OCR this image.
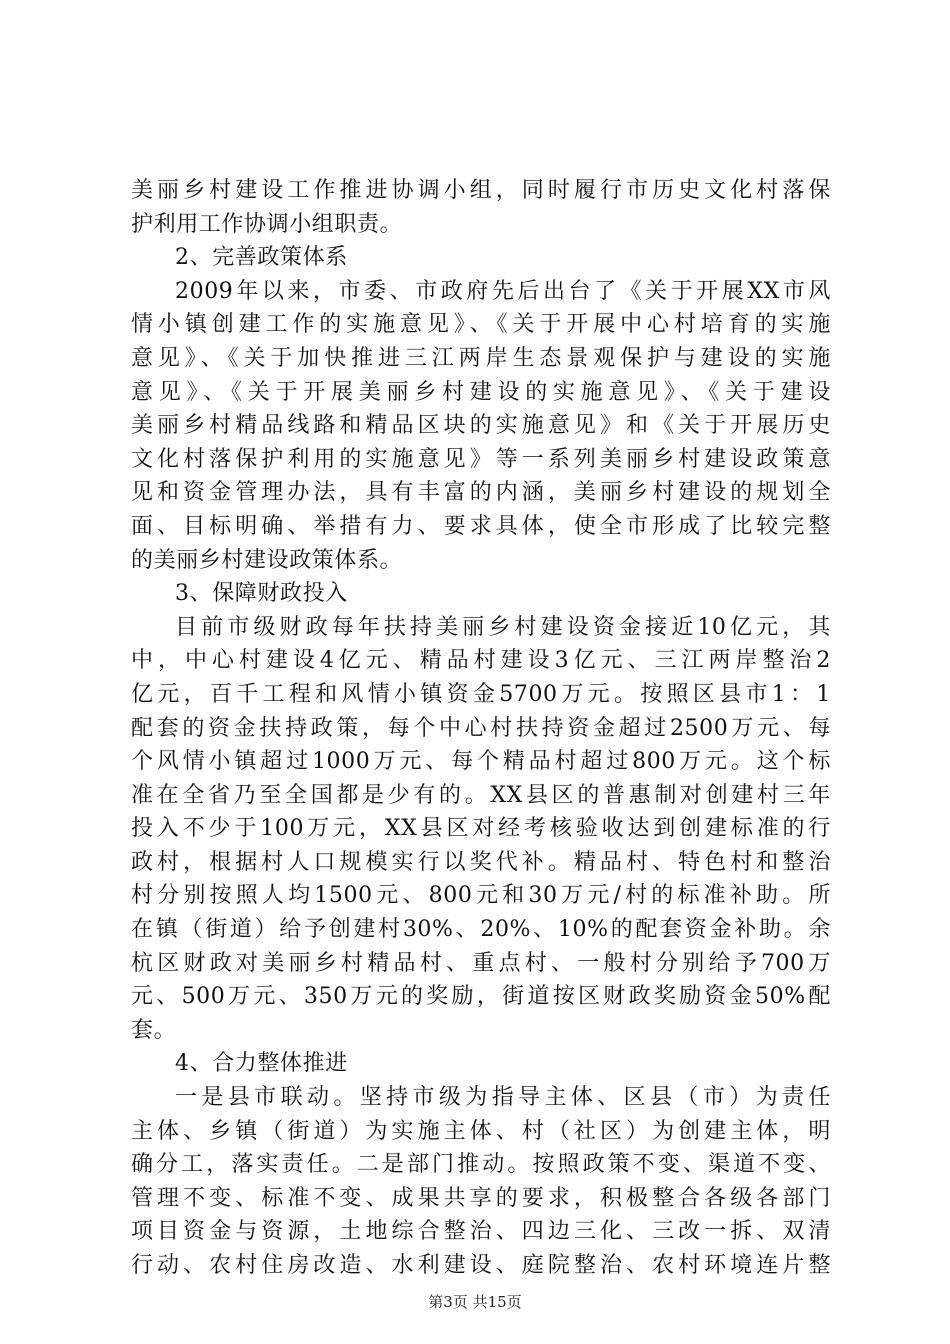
美丽乡村建设工作推进协调小组，同时履行市历史文化村落保
护利用工作协调小组职责。
2、完善政策体系
2009年以来，市委、市政府先后出台了《关于开展XX市风
情小镇创建工作的实施意见》、《关于开展中心村培育的实施
意见》、《关于加快推进三江两岸生态景观保护与建设的实施
意见》、《关于开展美丽乡村建设的实施意见》、《关于建设
美丽乡村精品线路和精品区块的实施意见》和《关于开展历史
文化村落保护利用的实施意见》等一系列美丽乡村建设政策意
见和资金管理办法，具有丰富的内涵，美丽乡村建设的规划全
面、目标明确、举措有力、要求具体，使全市形成了比较完整
的美丽乡村建设政策体系。
3、保障财政投入
目前市级财政每年扶持美丽乡村建设资金接近10亿元，其
中，中心村建设4亿元、精品村建设3亿元、三江两岸整治2
亿元，百千工程和风情小镇资金5700万元。按照区县市1：1
配套的资金扶持政策，每个中心村扶持资金超过2500万元、每
个风情小镇超过1000万元、每个精品村超过800万元。这个标
准在全省乃至全国都是少有的。XX县区的普惠制对创建村三年
投入不少于100万元，XX县区对经考核验收达到创建标准的行
政村，根据村人口规模实行以奖代补。精品村、特色村和整治
村分别按照人均1500元、800元和30万元/村的标准补助。所
在镇（街道）给予创建村30%、20%、10%的配套资金补助。余
杭区财政对美丽乡村精品村、重点村、一般村分别给予700万
元、500万元、350万元的奖励，街道按区财政奖励资金50%配
套。
4、合力整体推进
一是县市联动。坚持市级为指导主体、区县（市）为责任
主体、乡镇（街道）为实施主体、村（社区）为创建主体，明
确分工，落实责任。二是部门推动。按照政策不变、渠道不变、
管理不变、标准不变、成果共享的要求，积极整合各级各部门
项目资金与资源，土地综合整治、四边三化、三改一拆、双清
行动、农村住房改造、水利建设、庭院整治、农村环境连片整
第3页 共15页
